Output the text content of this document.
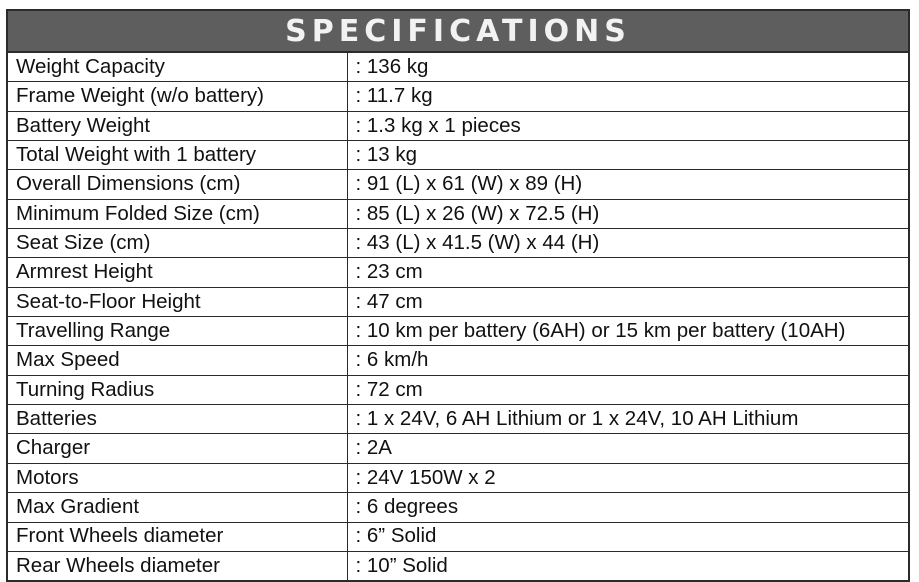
SPECIFICATIONS
Weight Capacity	: 136 kg
Frame Weight (w/o battery)	: 11.7 kg
Battery Weight	: 1.3 kg x 1 pieces
Total Weight with 1 battery	: 13 kg
Overall Dimensions (cm)	: 91 (L) x 61 (W) x 89 (H)
Minimum Folded Size (cm)	: 85 (L) x 26 (W) x 72.5 (H)
Seat Size (cm)	: 43 (L) x 41.5 (W) x 44 (H)
Armrest Height	: 23 cm
Seat-to-Floor Height	: 47 cm
Travelling Range	: 10 km per battery (6AH) or 15 km per battery (10AH)
Max Speed	: 6 km/h
Turning Radius	: 72 cm
Batteries	: 1 x 24V, 6 AH Lithium or 1 x 24V, 10 AH Lithium
Charger	: 2A
Motors	: 24V 150W x 2
Max Gradient	: 6 degrees
Front Wheels diameter	: 6” Solid
Rear Wheels diameter	: 10” Solid
